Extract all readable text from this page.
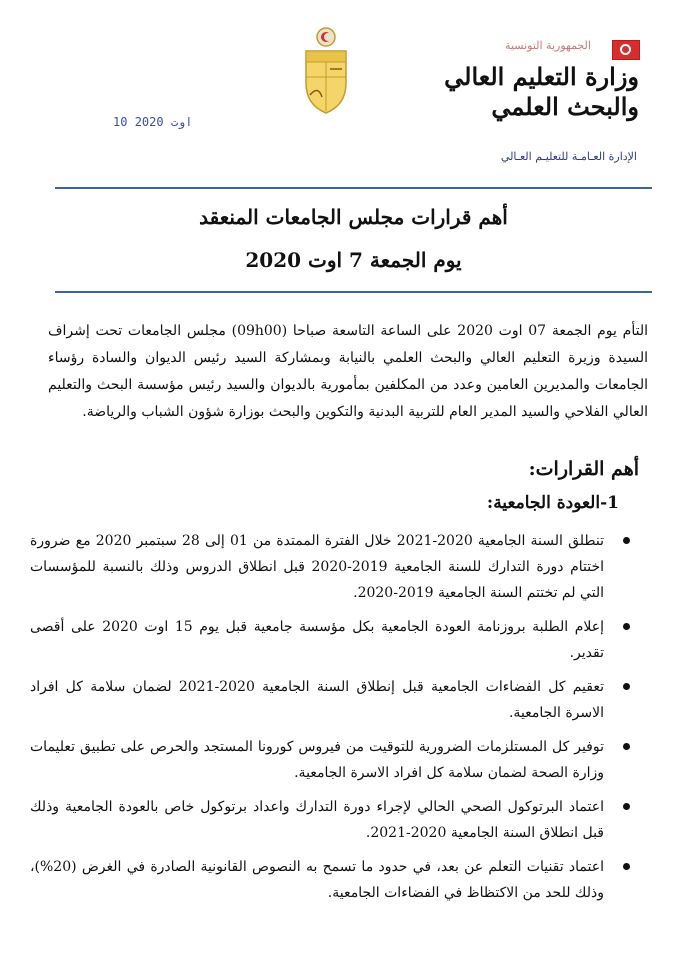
الجمهورية التونسية
وزارة التعليم العالي
والبحث العلمي
الإدارة العـامـة للتعليـم العـالي
10 اوت 2020
أهم قرارات مجلس الجامعات المنعقد
يوم الجمعة 7 اوت 2020
التأم يوم الجمعة 07 اوت 2020 على الساعة التاسعة صباحا (09h00) مجلس الجامعات تحت إشراف السيدة وزيرة التعليم العالي والبحث العلمي بالنيابة وبمشاركة السيد رئيس الديوان والسادة رؤساء الجامعات والمديرين العامين وعدد من المكلفين بمأمورية بالديوان والسيد رئيس مؤسسة البحث والتعليم العالي الفلاحي والسيد المدير العام للتربية البدنية والتكوين والبحث بوزارة شؤون الشباب والرياضة.
أهم القرارات:
1-العودة الجامعية:
تنطلق السنة الجامعية 2020-2021 خلال الفترة الممتدة من 01 إلى 28 سبتمبر 2020 مع ضرورة اختتام دورة التدارك للسنة الجامعية 2019-2020 قبل انطلاق الدروس وذلك بالنسبة للمؤسسات التي لم تختتم السنة الجامعية 2019-2020.
إعلام الطلبة بروزنامة العودة الجامعية بكل مؤسسة جامعية قبل يوم 15 اوت 2020 على أقصى تقدير.
تعقيم كل الفضاءات الجامعية قبل إنطلاق السنة الجامعية 2020-2021 لضمان سلامة كل افراد الاسرة الجامعية.
توفير كل المستلزمات الضرورية للتوقيت من فيروس كورونا المستجد والحرص على تطبيق تعليمات وزارة الصحة لضمان سلامة كل افراد الاسرة الجامعية.
اعتماد البرتوكول الصحي الحالي لإجراء دورة التدارك واعداد برتوكول خاص بالعودة الجامعية وذلك قبل انطلاق السنة الجامعية 2020-2021.
اعتماد تقنيات التعلم عن بعد، في حدود ما تسمح به النصوص القانونية الصادرة في الغرض (20%)، وذلك للحد من الاكتظاظ في الفضاءات الجامعية.
